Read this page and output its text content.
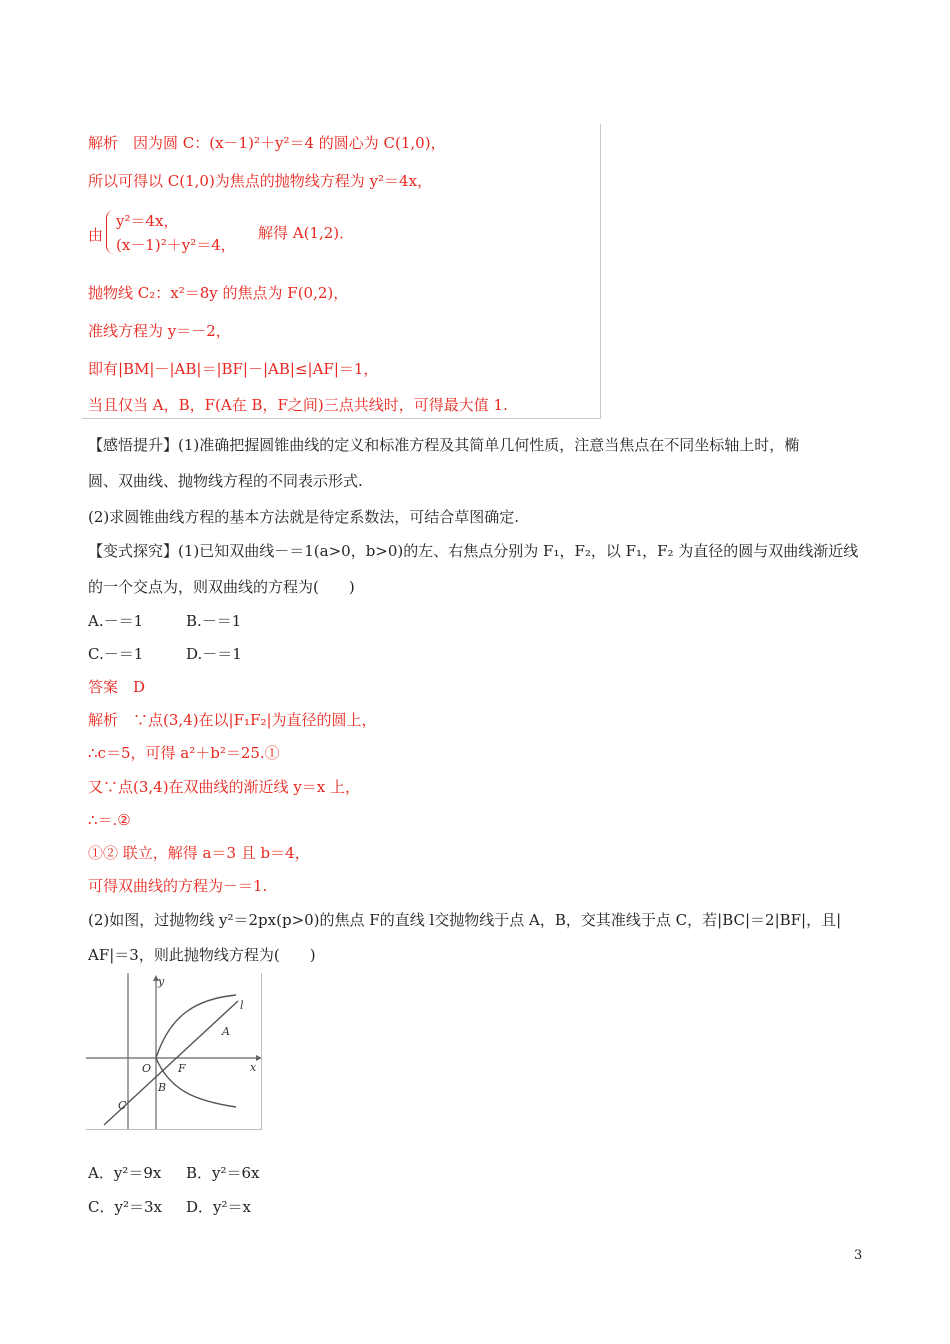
解析　因为圆 C：(x－1)²＋y²＝4 的圆心为 C(1,0)，
所以可得以 C(1,0)为焦点的抛物线方程为 y²＝4x，
由
y²＝4x，
(x－1)²＋y²＝4，
解得 A(1,2)．
抛物线 C₂：x²＝8y 的焦点为 F(0,2)，
准线方程为 y＝－2，
即有|BM|－|AB|＝|BF|－|AB|≤|AF|＝1，
当且仅当 A，B，F(A在 B，F之间)三点共线时，可得最大值 1.
【感悟提升】(1)准确把握圆锥曲线的定义和标准方程及其简单几何性质，注意当焦点在不同坐标轴上时，椭
圆、双曲线、抛物线方程的不同表示形式.
(2)求圆锥曲线方程的基本方法就是待定系数法，可结合草图确定.
【变式探究】(1)已知双曲线－＝1(a>0，b>0)的左、右焦点分别为 F₁，F₂，以 F₁，F₂ 为直径的圆与双曲线渐近线
的一个交点为，则双曲线的方程为(　　)
A.－＝1	B.－＝1
C.－＝1	D.－＝1
答案　D
解析　∵点(3,4)在以|F₁F₂|为直径的圆上，
∴c＝5，可得 a²＋b²＝25.①
又∵点(3,4)在双曲线的渐近线 y＝x 上，
∴＝.②
①② 联立，解得 a＝3 且 b＝4，
可得双曲线的方程为－＝1.
(2)如图，过抛物线 y²＝2px(p>0)的焦点 F的直线 l交抛物线于点 A，B，交其准线于点 C，若|BC|＝2|BF|，且|
AF|＝3，则此抛物线方程为(　　)
y
x
O F
A
B
C
l
A．y²＝9x B．y²＝6x
C．y²＝3x D．y²＝x
3
